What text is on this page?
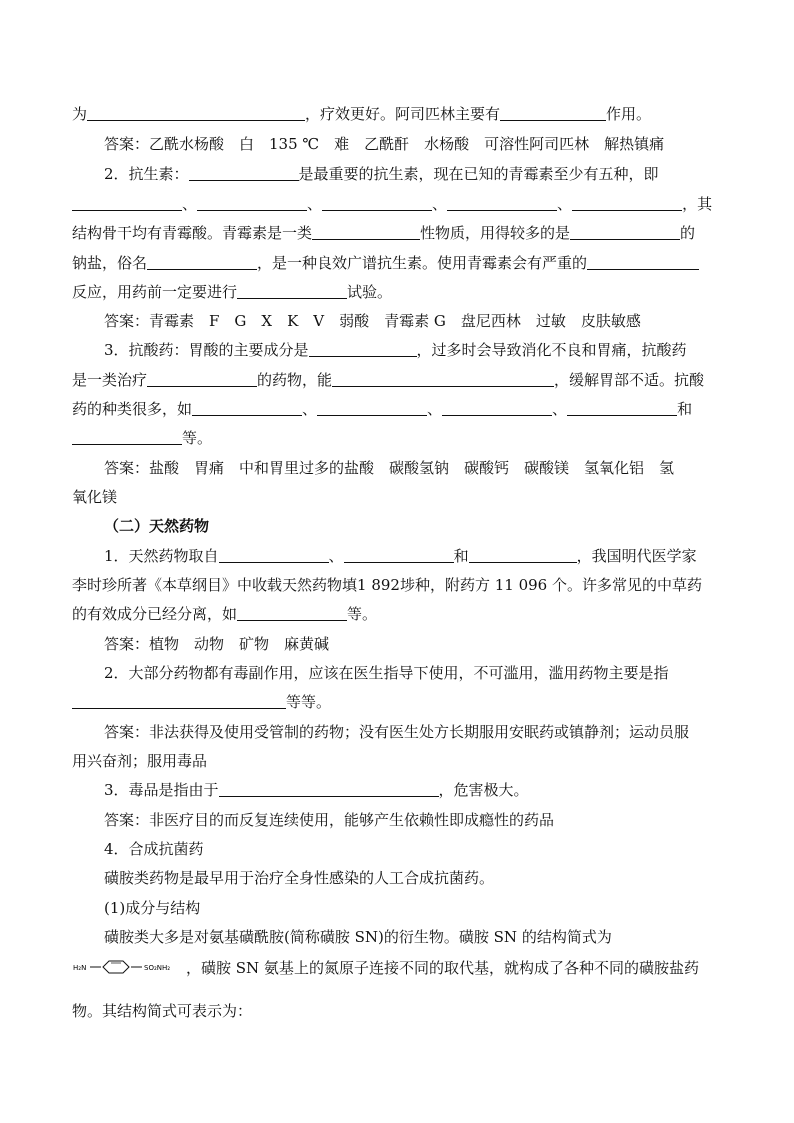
为	，疗效更好。阿司匹林主要有	作用。
答案：乙酰水杨酸　白　135 ℃　难　乙酰酐　水杨酸　可溶性阿司匹林　解热镇痛
2．抗生素：	是最重要的抗生素，现在已知的青霉素至少有五种，即
、	、	、	、	，其
结构骨干均有青霉酸。青霉素是一类	性物质，用得较多的是	的
钠盐，俗名	，是一种良效广谱抗生素。使用青霉素会有严重的
反应，用药前一定要进行	试验。
答案：青霉素　F　G　X　K　V　弱酸　青霉素 G　盘尼西林　过敏　皮肤敏感
3．抗酸药：胃酸的主要成分是	，过多时会导致消化不良和胃痛，抗酸药
是一类治疗	的药物，能	，缓解胃部不适。抗酸
药的种类很多，如	、	、	、	和
等。
答案：盐酸　胃痛　中和胃里过多的盐酸　碳酸氢钠　碳酸钙　碳酸镁　氢氧化铝　氢
氧化镁
（二）天然药物
1．天然药物取自	、	和	，我国明代医学家
李时珍所著《本草纲目》中收载天然药物填1 892埗种，附药方 11 096 个。许多常见的中草药
的有效成分已经分离，如	等。
答案：植物　动物　矿物　麻黄碱
2．大部分药物都有毒副作用，应该在医生指导下使用，不可滥用，滥用药物主要是指
等等。
答案：非法获得及使用受管制的药物；没有医生处方长期服用安眠药或镇静剂；运动员服
用兴奋剂；服用毒品
3．毒品是指由于	，危害极大。
答案：非医疗目的而反复连续使用，能够产生依赖性即成瘾性的药品
4．合成抗菌药
磺胺类药物是最早用于治疗全身性感染的人工合成抗菌药。
(1)成分与结构
磺胺类大多是对氨基磺酰胺(简称磺胺 SN)的衍生物。磺胺 SN 的结构简式为
H₂N	SO₂NH₂ ，磺胺 SN 氨基上的氮原子连接不同的取代基，就构成了各种不同的磺胺盐药
物。其结构简式可表示为：
